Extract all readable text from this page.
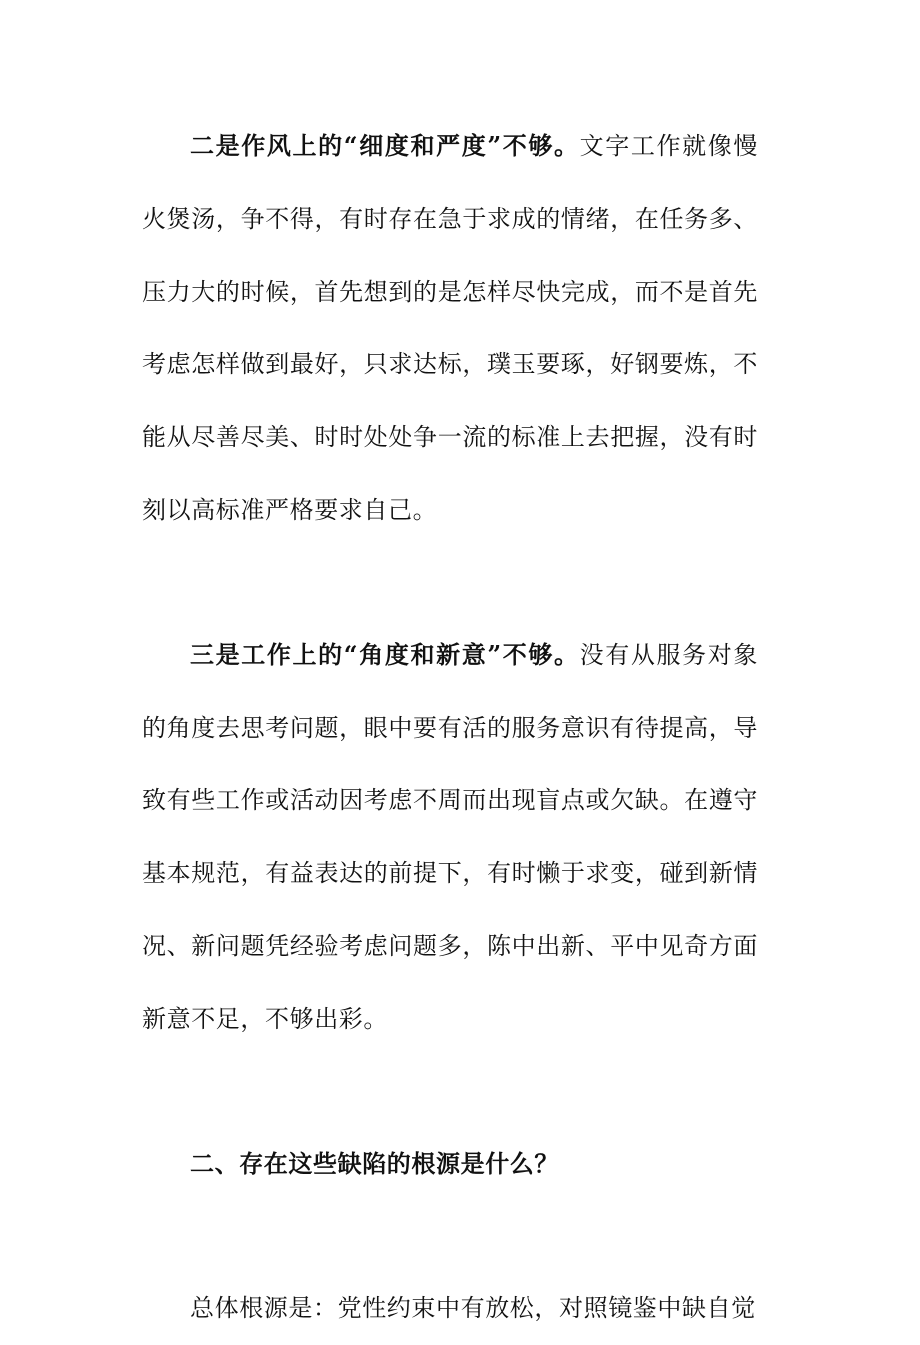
二是作风上的“细度和严度”不够。文字工作就像慢火煲汤，争不得，有时存在急于求成的情绪，在任务多、压力大的时候，首先想到的是怎样尽快完成，而不是首先考虑怎样做到最好，只求达标，璞玉要琢，好钢要炼，不能从尽善尽美、时时处处争一流的标准上去把握，没有时刻以高标准严格要求自己。

三是工作上的“角度和新意”不够。没有从服务对象的角度去思考问题，眼中要有活的服务意识有待提高，导致有些工作或活动因考虑不周而出现盲点或欠缺。在遵守基本规范，有益表达的前提下，有时懒于求变，碰到新情况、新问题凭经验考虑问题多，陈中出新、平中见奇方面新意不足，不够出彩。

二、存在这些缺陷的根源是什么？

总体根源是：党性约束中有放松，对照镜鉴中缺自觉
